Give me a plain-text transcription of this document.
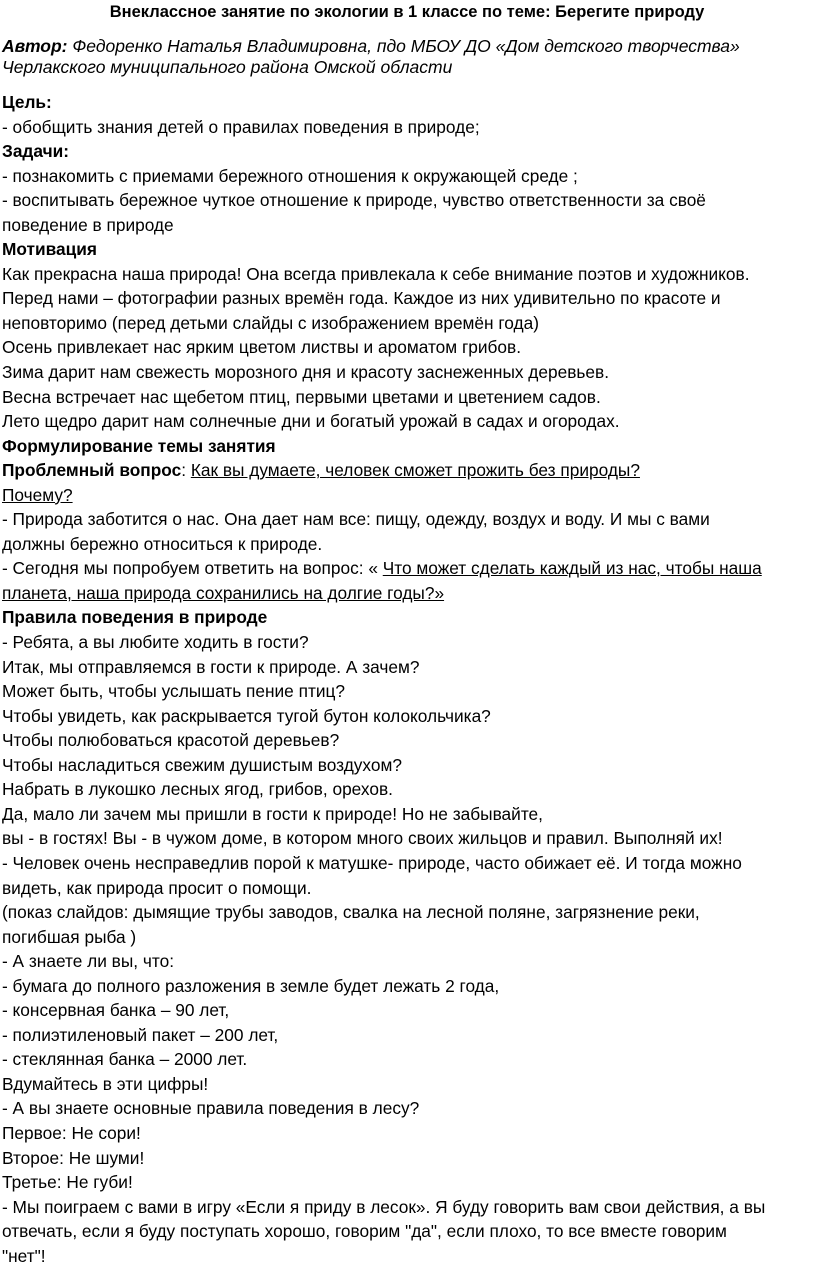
Внеклассное занятие по экологии в 1 классе по теме: Берегите природу
Автор: Федоренко Наталья Владимировна, пдо МБОУ ДО «Дом детского творчества»
Черлакского муниципального района Омской области
Цель:
- обобщить знания детей о правилах поведения в природе;
Задачи:
- познакомить с приемами бережного отношения к окружающей среде ;
- воспитывать бережное чуткое отношение к природе, чувство ответственности за своё
поведение в природе
Мотивация
Как прекрасна наша природа! Она всегда привлекала к себе внимание поэтов и художников.
Перед нами – фотографии разных времён года. Каждое из них удивительно по красоте и
неповторимо (перед детьми слайды с изображением времён года)
Осень привлекает нас ярким цветом листвы и ароматом грибов.
Зима дарит нам свежесть морозного дня и красоту заснеженных деревьев.
Весна встречает нас щебетом птиц, первыми цветами и цветением садов.
Лето щедро дарит нам солнечные дни и богатый урожай в садах и огородах.
Формулирование темы занятия
Проблемный вопрос: Как вы думаете, человек сможет прожить без природы?
Почему?
- Природа заботится о нас. Она дает нам все: пищу, одежду, воздух и воду. И мы с вами
должны бережно относиться к природе.
- Сегодня мы попробуем ответить на вопрос: « Что может сделать каждый из нас, чтобы наша
планета, наша природа сохранились на долгие годы?»
Правила поведения в природе
- Ребята, а вы любите ходить в гости?
Итак, мы отправляемся в гости к природе. А зачем?
Может быть, чтобы услышать пение птиц?
Чтобы увидеть, как раскрывается тугой бутон колокольчика?
Чтобы полюбоваться красотой деревьев?
Чтобы насладиться свежим душистым воздухом?
Набрать в лукошко лесных ягод, грибов, орехов.
Да, мало ли зачем мы пришли в гости к природе! Но не забывайте,
вы - в гостях! Вы - в чужом доме, в котором много своих жильцов и правил. Выполняй их!
- Человек очень несправедлив порой к матушке- природе, часто обижает её. И тогда можно
видеть, как природа просит о помощи.
(показ слайдов: дымящие трубы заводов, свалка на лесной поляне, загрязнение реки,
погибшая рыба )
- А знаете ли вы, что:
- бумага до полного разложения в земле будет лежать 2 года,
- консервная банка – 90 лет,
- полиэтиленовый пакет – 200 лет,
- стеклянная банка – 2000 лет.
Вдумайтесь в эти цифры!
- А вы знаете основные правила поведения в лесу?
Первое: Не сори!
Второе: Не шуми!
Третье: Не губи!
- Мы поиграем с вами в игру «Если я приду в лесок». Я буду говорить вам свои действия, а вы
отвечать, если я буду поступать хорошо, говорим "да", если плохо, то все вместе говорим
"нет"!
